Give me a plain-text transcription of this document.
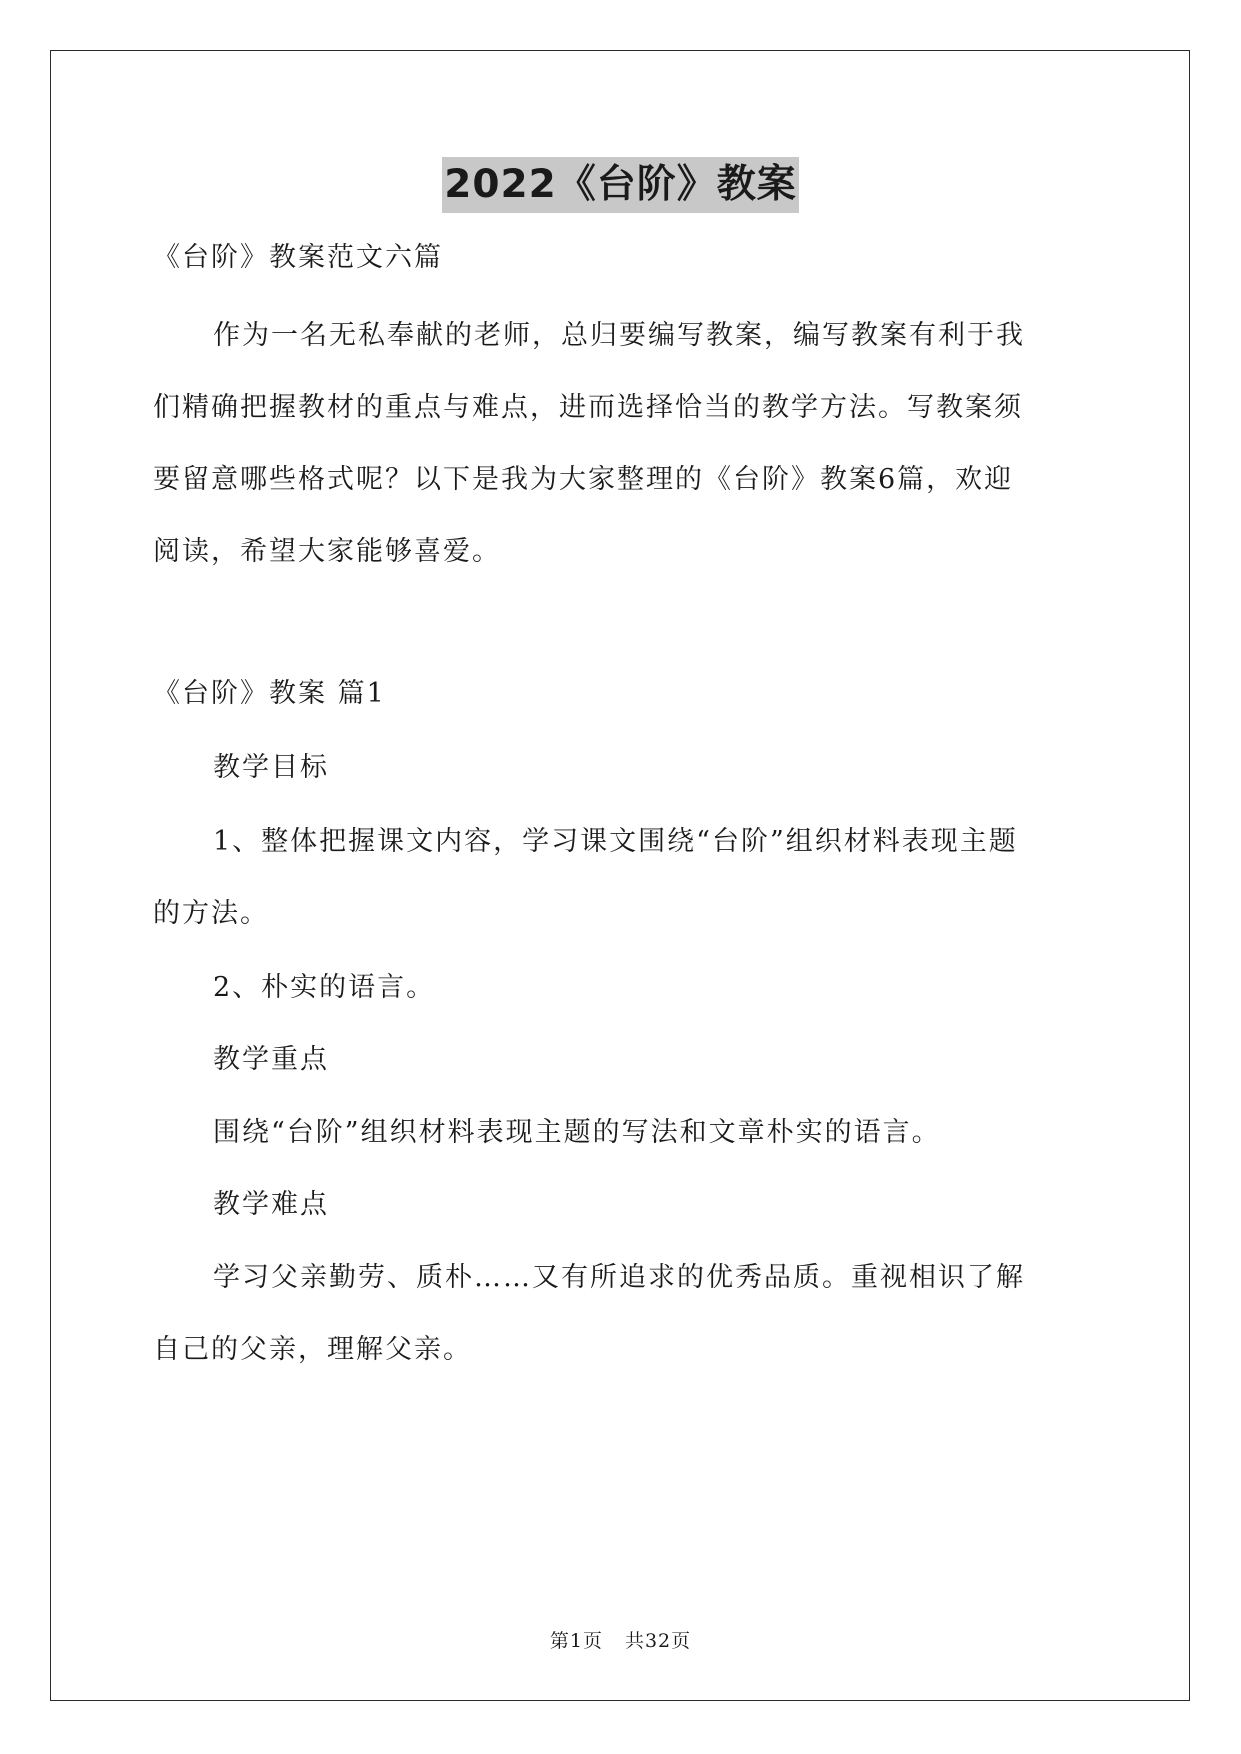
2022《台阶》教案
《台阶》教案范文六篇
作为一名无私奉献的老师，总归要编写教案，编写教案有利于我
们精确把握教材的重点与难点，进而选择恰当的教学方法。写教案须
要留意哪些格式呢？以下是我为大家整理的《台阶》教案6篇，欢迎
阅读，希望大家能够喜爱。
《台阶》教案 篇1
教学目标
1、整体把握课文内容，学习课文围绕“台阶”组织材料表现主题
的方法。
2、朴实的语言。
教学重点
围绕“台阶”组织材料表现主题的写法和文章朴实的语言。
教学难点
学习父亲勤劳、质朴……又有所追求的优秀品质。重视相识了解
自己的父亲，理解父亲。
第1页 共32页
